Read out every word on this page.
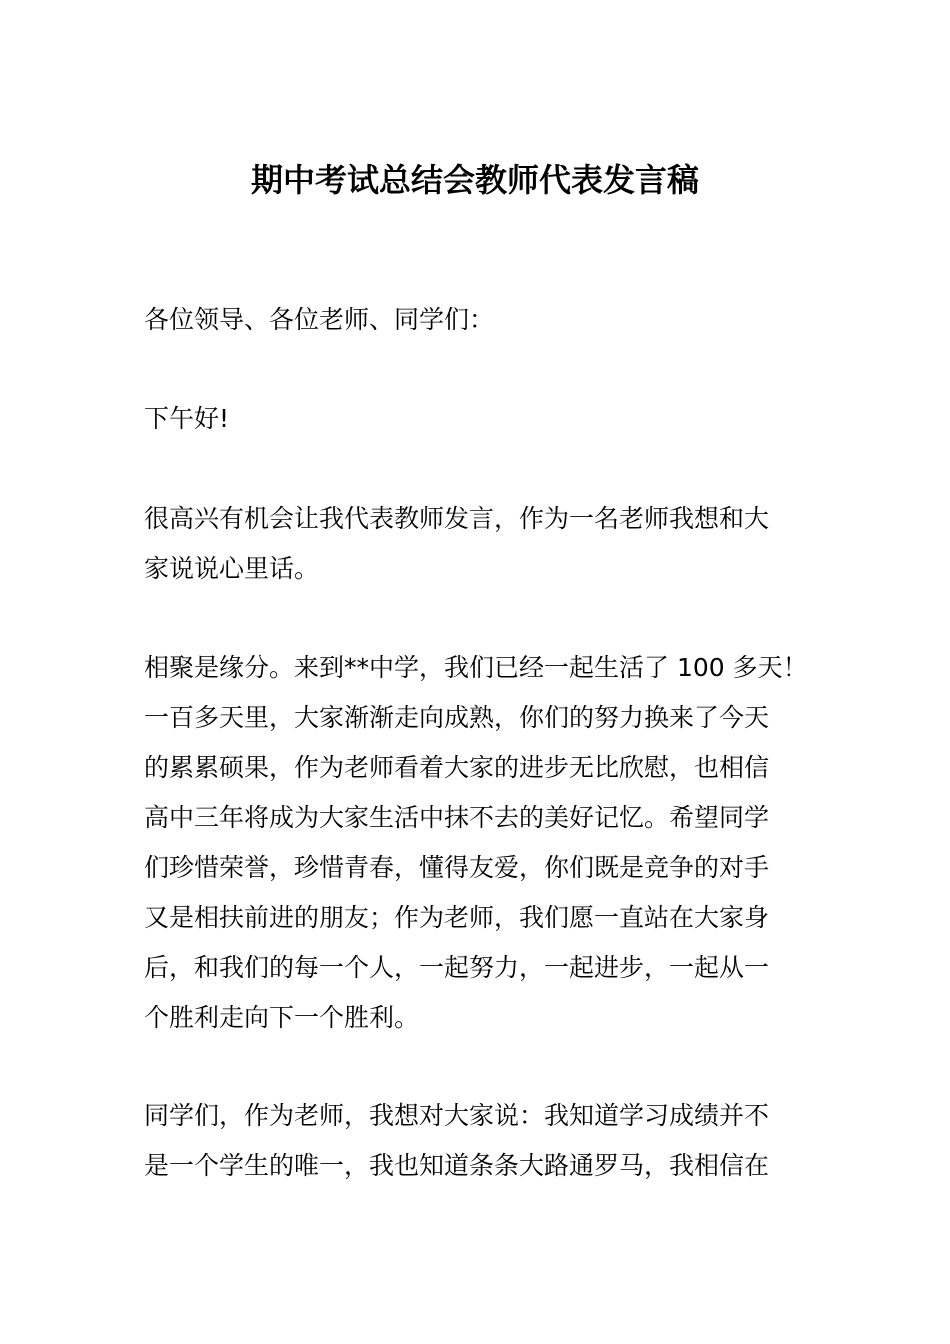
期中考试总结会教师代表发言稿

各位领导、各位老师、同学们：

下午好!

很高兴有机会让我代表教师发言，作为一名老师我想和大
家说说心里话。

相聚是缘分。来到**中学，我们已经一起生活了 100 多天！
一百多天里，大家渐渐走向成熟，你们的努力换来了今天
的累累硕果，作为老师看着大家的进步无比欣慰，也相信
高中三年将成为大家生活中抹不去的美好记忆。希望同学
们珍惜荣誉，珍惜青春，懂得友爱，你们既是竞争的对手
又是相扶前进的朋友；作为老师，我们愿一直站在大家身
后，和我们的每一个人，一起努力，一起进步，一起从一
个胜利走向下一个胜利。

同学们，作为老师，我想对大家说：我知道学习成绩并不
是一个学生的唯一，我也知道条条大路通罗马，我相信在
